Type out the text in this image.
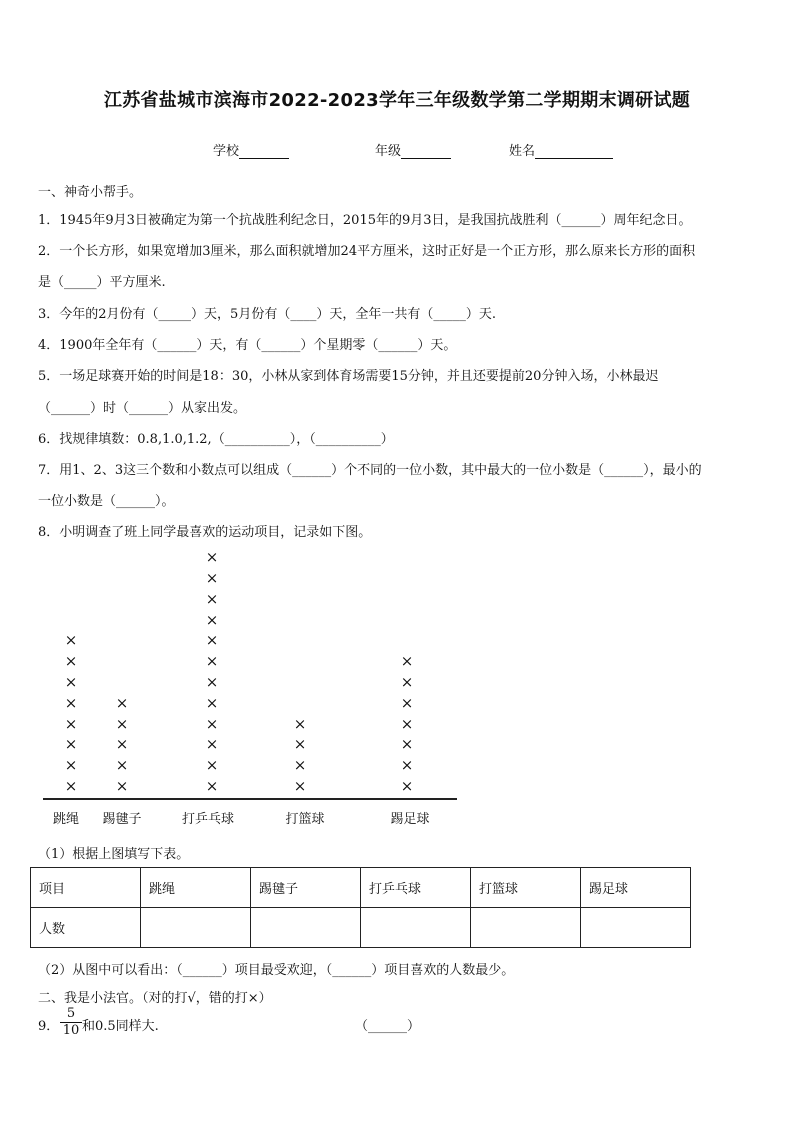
江苏省盐城市滨海市2022-2023学年三年级数学第二学期期末调研试题
学校	年级	姓名
一、神奇小帮手。
1．1945年9月3日被确定为第一个抗战胜利纪念日，2015年的9月3日，是我国抗战胜利（______）周年纪念日。
2．一个长方形，如果宽增加3厘米，那么面积就增加24平方厘米，这时正好是一个正方形，那么原来长方形的面积
是（_____）平方厘米.
3．今年的2月份有（_____）天，5月份有（____）天，全年一共有（_____）天.
4．1900年全年有（______）天，有（______）个星期零（______）天。
5．一场足球赛开始的时间是18：30，小林从家到体育场需要15分钟，并且还要提前20分钟入场，小林最迟
（______）时（______）从家出发。
6．找规律填数：0.8,1.0,1.2,（__________），（__________）
7．用1、2、3这三个数和小数点可以组成（______）个不同的一位小数，其中最大的一位小数是（______），最小的
一位小数是（______）。
8．小明调查了班上同学最喜欢的运动项目，记录如下图。
跳绳	踢毽子	打乒乓球	打篮球	踢足球
×
×
×
×
×
×
×
×
×
×
×
×
×
×
×
×
×
×
×
×
×
×
×
×
×
×
×
×
×
×
×
×
×
×
×
×
（1）根据上图填写下表。
项目	跳绳	踢毽子	打乒乓球	打篮球	踢足球
人数					
（2）从图中可以看出：（______）项目最受欢迎，（______）项目喜欢的人数最少。
二、我是小法官。（对的打√，错的打×）
9． $\frac{5}{10}$ 和0.5同样大.	（______）
